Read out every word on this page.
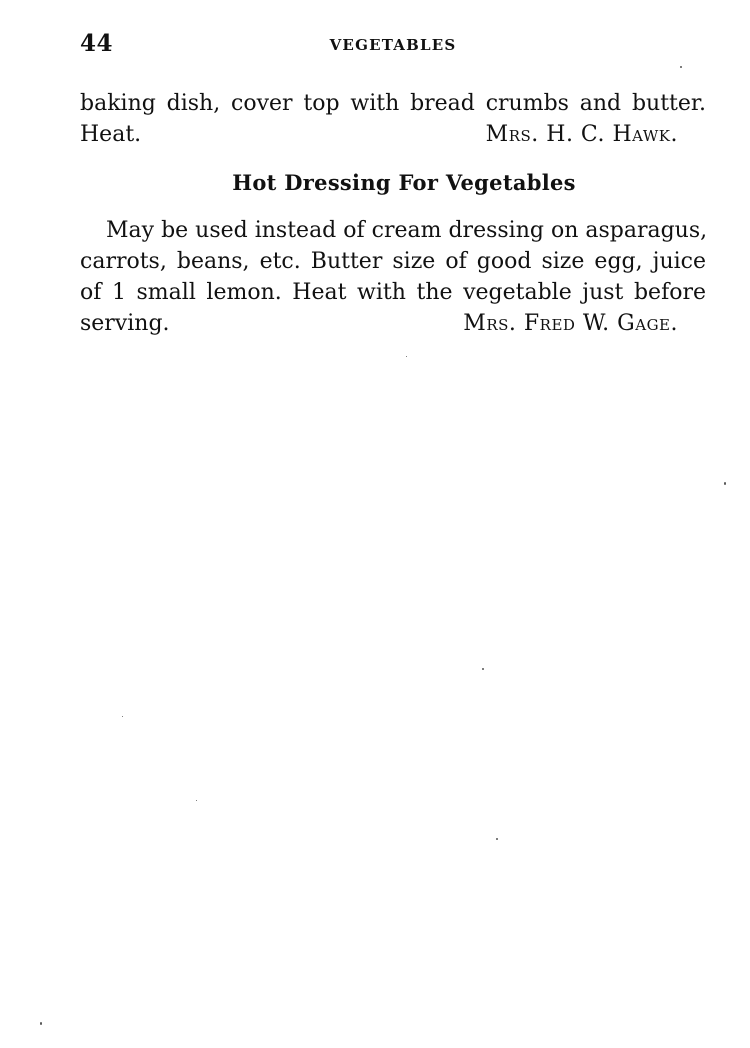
44	VEGETABLES
baking dish, cover top with bread crumbs and butter.
Heat.	Mrs. H. C. Hawk.
Hot Dressing For Vegetables
May be used instead of cream dressing on asparagus,
carrots, beans, etc. Butter size of good size egg, juice
of 1 small lemon. Heat with the vegetable just before
serving.	Mrs. Fred W. Gage.
